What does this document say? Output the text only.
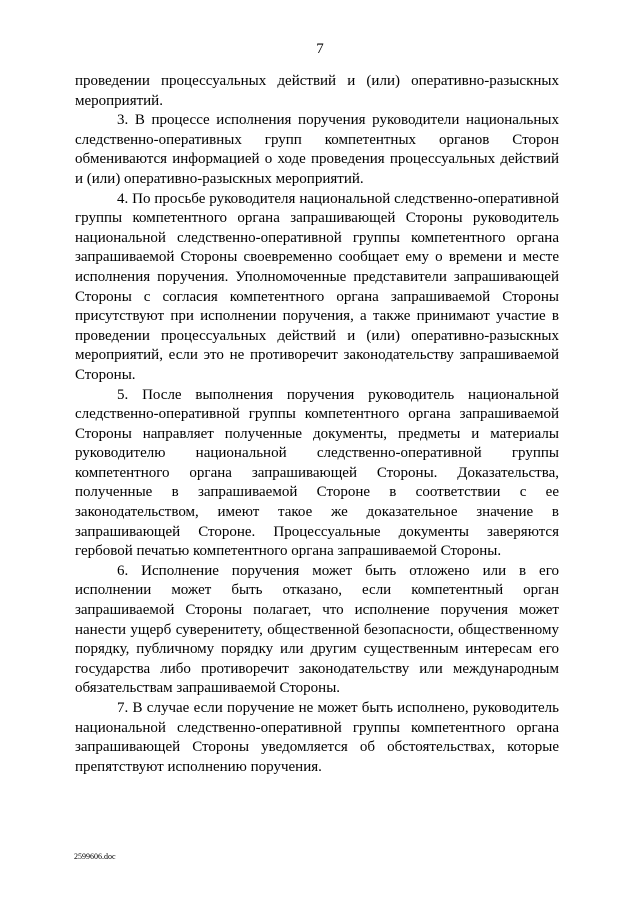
7
проведении процессуальных действий и (или) оперативно-разыскных
мероприятий.
3. В процессе исполнения поручения руководители национальных
следственно-оперативных групп компетентных органов Сторон
обмениваются информацией о ходе проведения процессуальных действий
и (или) оперативно-разыскных мероприятий.
4. По просьбе руководителя национальной следственно-оперативной
группы компетентного органа запрашивающей Стороны руководитель
национальной следственно-оперативной группы компетентного органа
запрашиваемой Стороны своевременно сообщает ему о времени и месте
исполнения поручения. Уполномоченные представители запрашивающей
Стороны с согласия компетентного органа запрашиваемой Стороны
присутствуют при исполнении поручения, а также принимают участие в
проведении процессуальных действий и (или) оперативно-разыскных
мероприятий, если это не противоречит законодательству запрашиваемой
Стороны.
5. После выполнения поручения руководитель национальной
следственно-оперативной группы компетентного органа запрашиваемой
Стороны направляет полученные документы, предметы и материалы
руководителю национальной следственно-оперативной группы
компетентного органа запрашивающей Стороны. Доказательства,
полученные в запрашиваемой Стороне в соответствии с ее
законодательством, имеют такое же доказательное значение в
запрашивающей Стороне. Процессуальные документы заверяются
гербовой печатью компетентного органа запрашиваемой Стороны.
6. Исполнение поручения может быть отложено или в его
исполнении может быть отказано, если компетентный орган
запрашиваемой Стороны полагает, что исполнение поручения может
нанести ущерб суверенитету, общественной безопасности, общественному
порядку, публичному порядку или другим существенным интересам его
государства либо противоречит законодательству или международным
обязательствам запрашиваемой Стороны.
7. В случае если поручение не может быть исполнено, руководитель
национальной следственно-оперативной группы компетентного органа
запрашивающей Стороны уведомляется об обстоятельствах, которые
препятствуют исполнению поручения.
2599606.doc
